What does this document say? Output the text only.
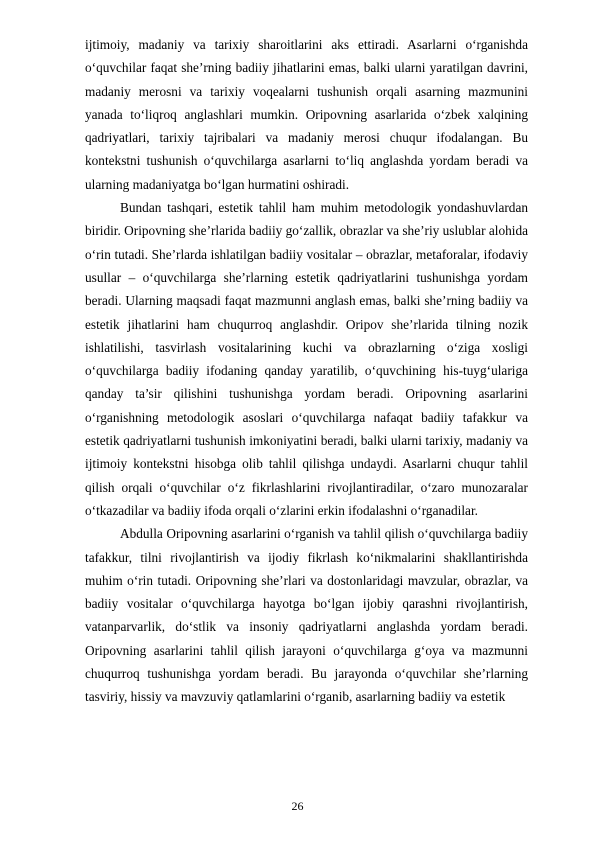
ijtimoiy, madaniy va tarixiy sharoitlarini aks ettiradi. Asarlarni o‘rganishda o‘quvchilar faqat she’rning badiiy jihatlarini emas, balki ularni yaratilgan davrini, madaniy merosni va tarixiy voqealarni tushunish orqali asarning mazmunini yanada to‘liqroq anglashlari mumkin. Oripovning asarlarida o‘zbek xalqining qadriyatlari, tarixiy tajribalari va madaniy merosi chuqur ifodalangan. Bu kontekstni tushunish o‘quvchilarga asarlarni to‘liq anglashda yordam beradi va ularning madaniyatga bo‘lgan hurmatini oshiradi.

Bundan tashqari, estetik tahlil ham muhim metodologik yondashuvlardan biridir. Oripovning she’rlarida badiiy go‘zallik, obrazlar va she’riy uslublar alohida o‘rin tutadi. She’rlarda ishlatilgan badiiy vositalar – obrazlar, metaforalar, ifodaviy usullar – o‘quvchilarga she’rlarning estetik qadriyatlarini tushunishga yordam beradi. Ularning maqsadi faqat mazmunni anglash emas, balki she’rning badiiy va estetik jihatlarini ham chuqurroq anglashdir. Oripov she’rlarida tilning nozik ishlatilishi, tasvirlash vositalarining kuchi va obrazlarning o‘ziga xosligi o‘quvchilarga badiiy ifodaning qanday yaratilib, o‘quvchining his-tuyg‘ulariga qanday ta’sir qilishini tushunishga yordam beradi. Oripovning asarlarini o‘rganishning metodologik asoslari o‘quvchilarga nafaqat badiiy tafakkur va estetik qadriyatlarni tushunish imkoniyatini beradi, balki ularni tarixiy, madaniy va ijtimoiy kontekstni hisobga olib tahlil qilishga undaydi. Asarlarni chuqur tahlil qilish orqali o‘quvchilar o‘z fikrlashlarini rivojlantiradilar, o‘zaro munozaralar o‘tkazadilar va badiiy ifoda orqali o‘zlarini erkin ifodalashni o‘rganadilar.

Abdulla Oripovning asarlarini o‘rganish va tahlil qilish o‘quvchilarga badiiy tafakkur, tilni rivojlantirish va ijodiy fikrlash ko‘nikmalarini shakllantirishda muhim o‘rin tutadi. Oripovning she’rlari va dostonlaridagi mavzular, obrazlar, va badiiy vositalar o‘quvchilarga hayotga bo‘lgan ijobiy qarashni rivojlantirish, vatanparvarlik, do‘stlik va insoniy qadriyatlarni anglashda yordam beradi. Oripovning asarlarini tahlil qilish jarayoni o‘quvchilarga g‘oya va mazmunni chuqurroq tushunishga yordam beradi. Bu jarayonda o‘quvchilar she’rlarning tasviriy, hissiy va mavzuviy qatlamlarini o‘rganib, asarlarning badiiy va estetik

26
